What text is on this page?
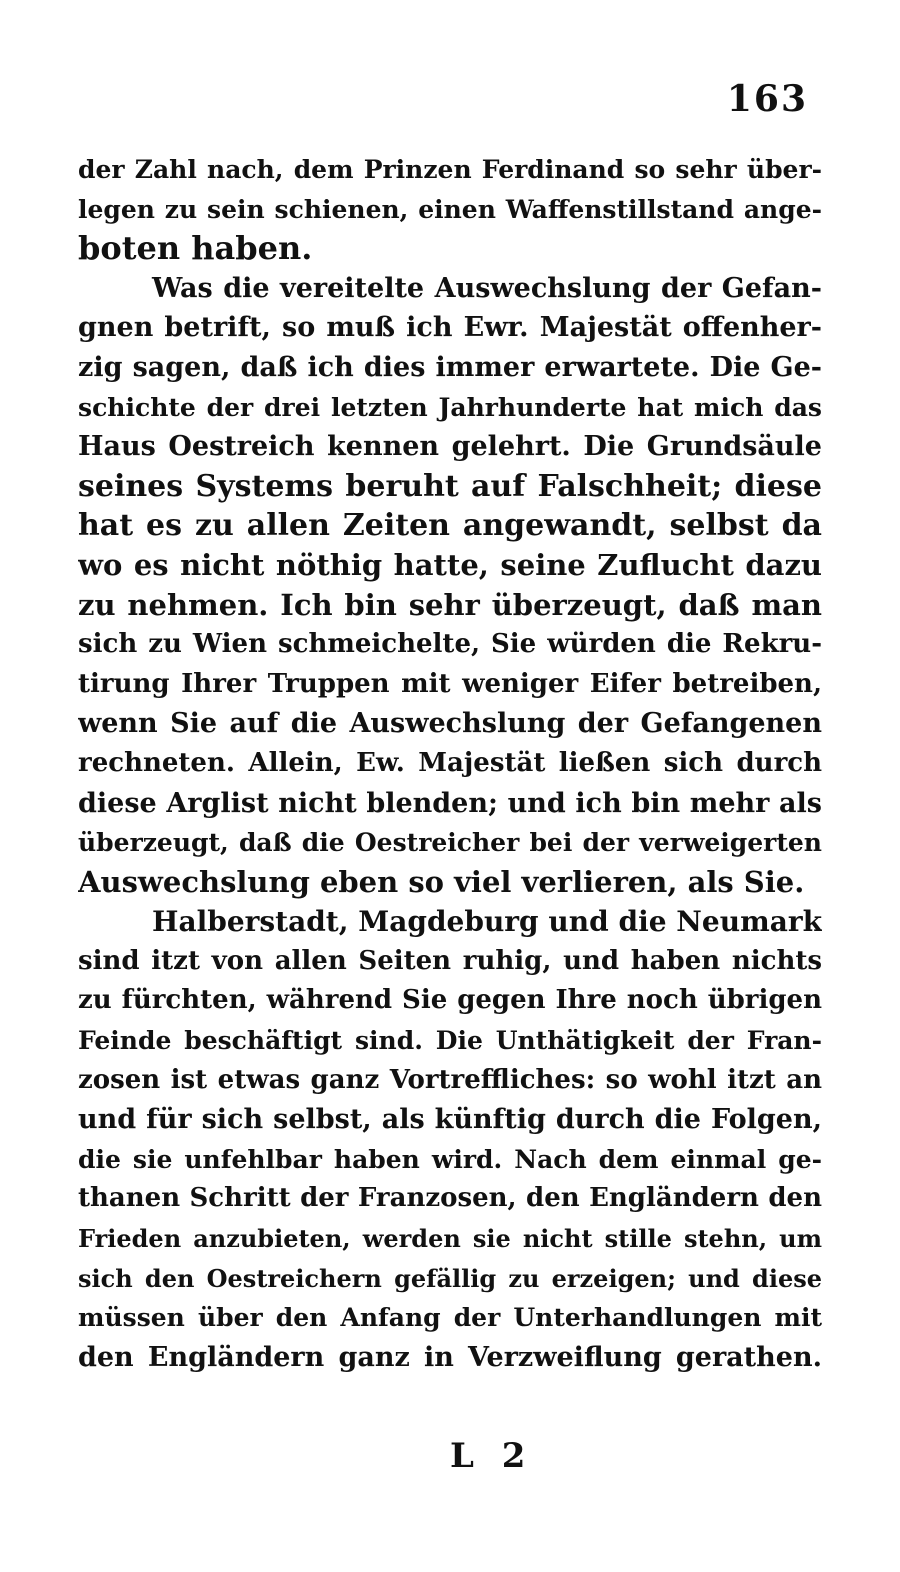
163
der Zahl nach, dem Prinzen Ferdinand so sehr über-
legen zu sein schienen, einen Waffenstillstand ange-
boten haben.
Was die vereitelte Auswechslung der Gefan-
gnen betrift, so muß ich Ewr. Majestät offenher-
zig sagen, daß ich dies immer erwartete. Die Ge-
schichte der drei letzten Jahrhunderte hat mich das
Haus Oestreich kennen gelehrt. Die Grundsäule
seines Systems beruht auf Falschheit; diese
hat es zu allen Zeiten angewandt, selbst da
wo es nicht nöthig hatte, seine Zuflucht dazu
zu nehmen. Ich bin sehr überzeugt, daß man
sich zu Wien schmeichelte, Sie würden die Rekru-
tirung Ihrer Truppen mit weniger Eifer betreiben,
wenn Sie auf die Auswechslung der Gefangenen
rechneten. Allein, Ew. Majestät ließen sich durch
diese Arglist nicht blenden; und ich bin mehr als
überzeugt, daß die Oestreicher bei der verweigerten
Auswechslung eben so viel verlieren, als Sie.
Halberstadt, Magdeburg und die Neumark
sind itzt von allen Seiten ruhig, und haben nichts
zu fürchten, während Sie gegen Ihre noch übrigen
Feinde beschäftigt sind. Die Unthätigkeit der Fran-
zosen ist etwas ganz Vortreffliches: so wohl itzt an
und für sich selbst, als künftig durch die Folgen,
die sie unfehlbar haben wird. Nach dem einmal ge-
thanen Schritt der Franzosen, den Engländern den
Frieden anzubieten, werden sie nicht stille stehn, um
sich den Oestreichern gefällig zu erzeigen; und diese
müssen über den Anfang der Unterhandlungen mit
den Engländern ganz in Verzweiflung gerathen.
L 2
